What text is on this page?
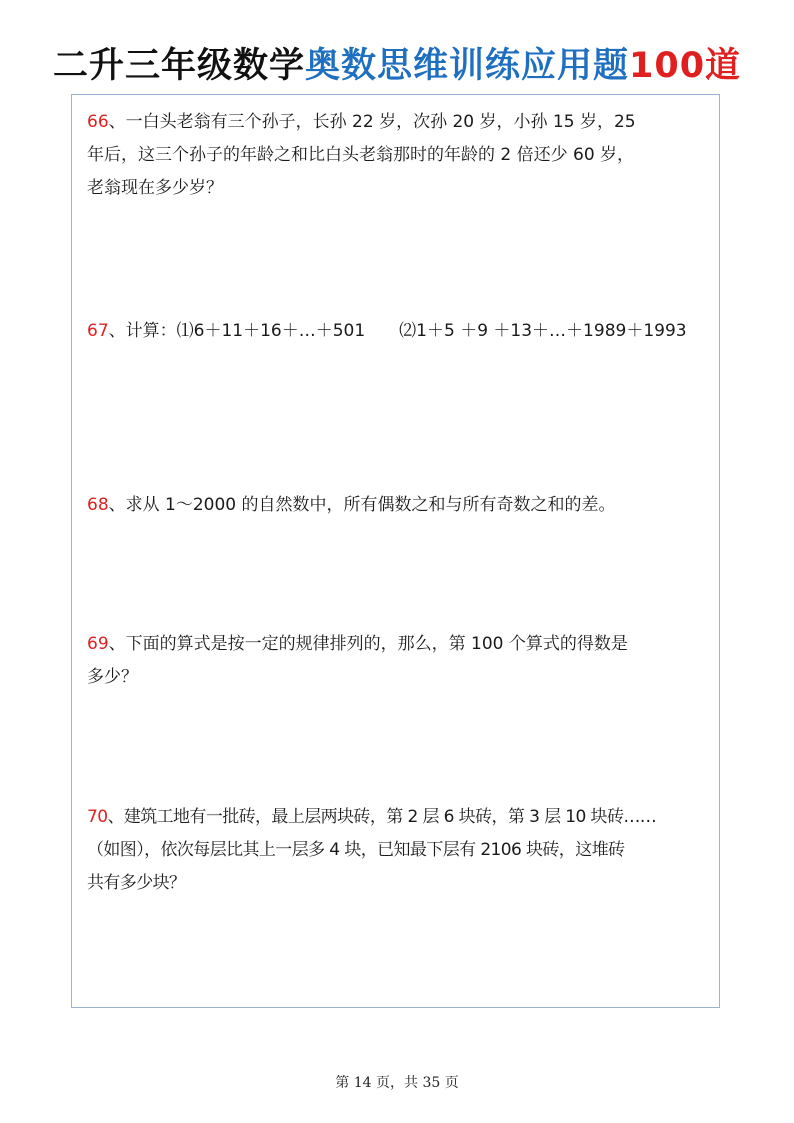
二升三年级数学奥数思维训练应用题100道
66、一白头老翁有三个孙子，长孙 22 岁，次孙 20 岁，小孙 15 岁，25
年后，这三个孙子的年龄之和比白头老翁那时的年龄的 2 倍还少 60 岁，
老翁现在多少岁？
67、计算：⑴6＋11＋16＋…＋501 ⑵1＋5 ＋9 ＋13＋…＋1989＋1993
68、求从 1～2000 的自然数中，所有偶数之和与所有奇数之和的差。
69、下面的算式是按一定的规律排列的，那么，第 100 个算式的得数是
多少？
70、建筑工地有一批砖，最上层两块砖，第 2 层 6 块砖，第 3 层 10 块砖……
（如图），依次每层比其上一层多 4 块，已知最下层有 2106 块砖，这堆砖
共有多少块？
第 14 页，共 35 页
